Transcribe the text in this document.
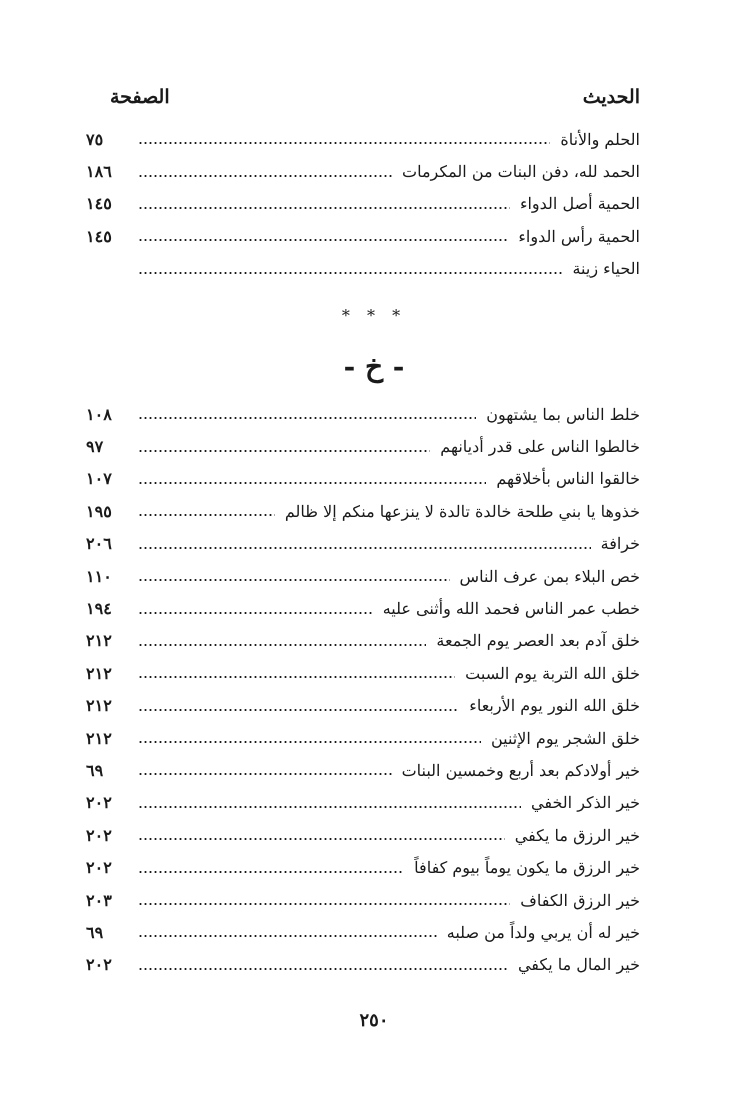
الحديث
الصفحة
الحلم والأناة
٧٥
الحمد لله، دفن البنات من المكرمات
١٨٦
الحمية أصل الدواء
١٤٥
الحمية رأس الدواء
١٤٥
الحياء زينة
* * *
- خ -
خلط الناس بما يشتهون
١٠٨
خالطوا الناس على قدر أديانهم
٩٧
خالقوا الناس بأخلاقهم
١٠٧
خذوها يا بني طلحة خالدة تالدة لا ينزعها منكم إلا ظالم
١٩٥
خرافة
٢٠٦
خص البلاء بمن عرف الناس
١١٠
خطب عمر الناس فحمد الله وأثنى عليه
١٩٤
خلق آدم بعد العصر يوم الجمعة
٢١٢
خلق الله التربة يوم السبت
٢١٢
خلق الله النور يوم الأربعاء
٢١٢
خلق الشجر يوم الإثنين
٢١٢
خير أولادكم بعد أربع وخمسين البنات
٦٩
خير الذكر الخفي
٢٠٢
خير الرزق ما يكفي
٢٠٢
خير الرزق ما يكون يوماً بيوم كفافاً
٢٠٢
خير الرزق الكفاف
٢٠٣
خير له أن يربي ولداً من صلبه
٦٩
خير المال ما يكفي
٢٠٢
٢٥٠
